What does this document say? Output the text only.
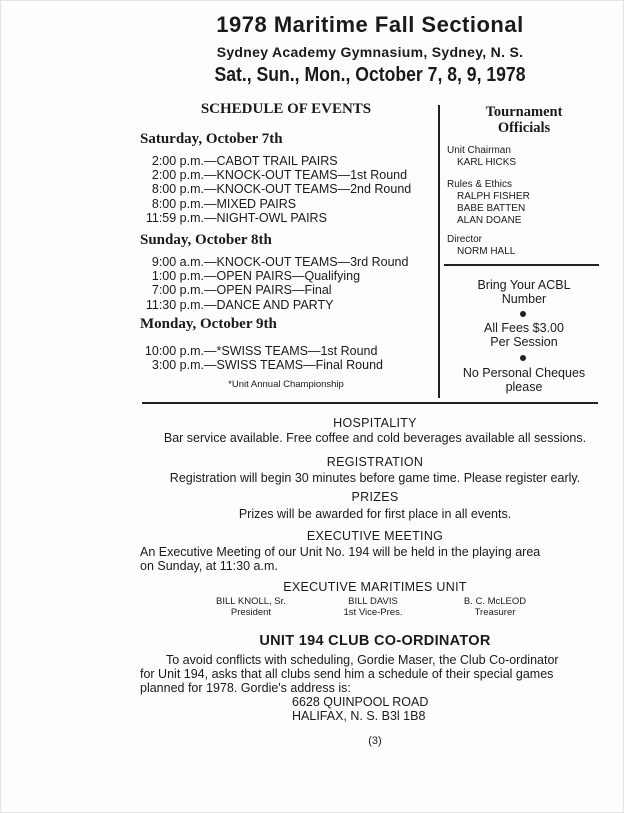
1978 Maritime Fall Sectional
Sydney Academy Gymnasium, Sydney, N. S.
Sat., Sun., Mon., October 7, 8, 9, 1978
SCHEDULE OF EVENTS
Saturday, October 7th
2:00 p.m. —CABOT TRAIL PAIRS
2:00 p.m. —KNOCK-OUT TEAMS—1st Round
8:00 p.m. —KNOCK-OUT TEAMS—2nd Round
8:00 p.m. —MIXED PAIRS
11:59 p.m. —NIGHT-OWL PAIRS
Sunday, October 8th
9:00 a.m. —KNOCK-OUT TEAMS—3rd Round
1:00 p.m. —OPEN PAIRS—Qualifying
7:00 p.m. —OPEN PAIRS—Final
11:30 p.m. —DANCE AND PARTY
Monday, October 9th
10:00 p.m. —*SWISS TEAMS—1st Round
3:00 p.m. —SWISS TEAMS—Final Round
*Unit Annual Championship
Tournament
Officials
Unit Chairman
KARL HICKS
Rules & Ethics
RALPH FISHER
BABE BATTEN
ALAN DOANE
Director
NORM HALL
Bring Your ACBL
Number
All Fees $3.00
Per Session
No Personal Cheques
please
HOSPITALITY
Bar service available. Free coffee and cold beverages available all sessions.
REGISTRATION
Registration will begin 30 minutes before game time. Please register early.
PRIZES
Prizes will be awarded for first place in all events.
EXECUTIVE MEETING
An Executive Meeting of our Unit No. 194 will be held in the playing area
on Sunday, at 11:30 a.m.
EXECUTIVE MARITIMES UNIT
BILL KNOLL, Sr.
President
BILL DAVIS
1st Vice-Pres.
B. C. McLEOD
Treasurer
UNIT 194 CLUB CO-ORDINATOR
To avoid conflicts with scheduling, Gordie Maser, the Club Co-ordinator
for Unit 194, asks that all clubs send him a schedule of their special games
planned for 1978. Gordie's address is:
6628 QUINPOOL ROAD
HALIFAX, N. S. B3l 1B8
(3)
